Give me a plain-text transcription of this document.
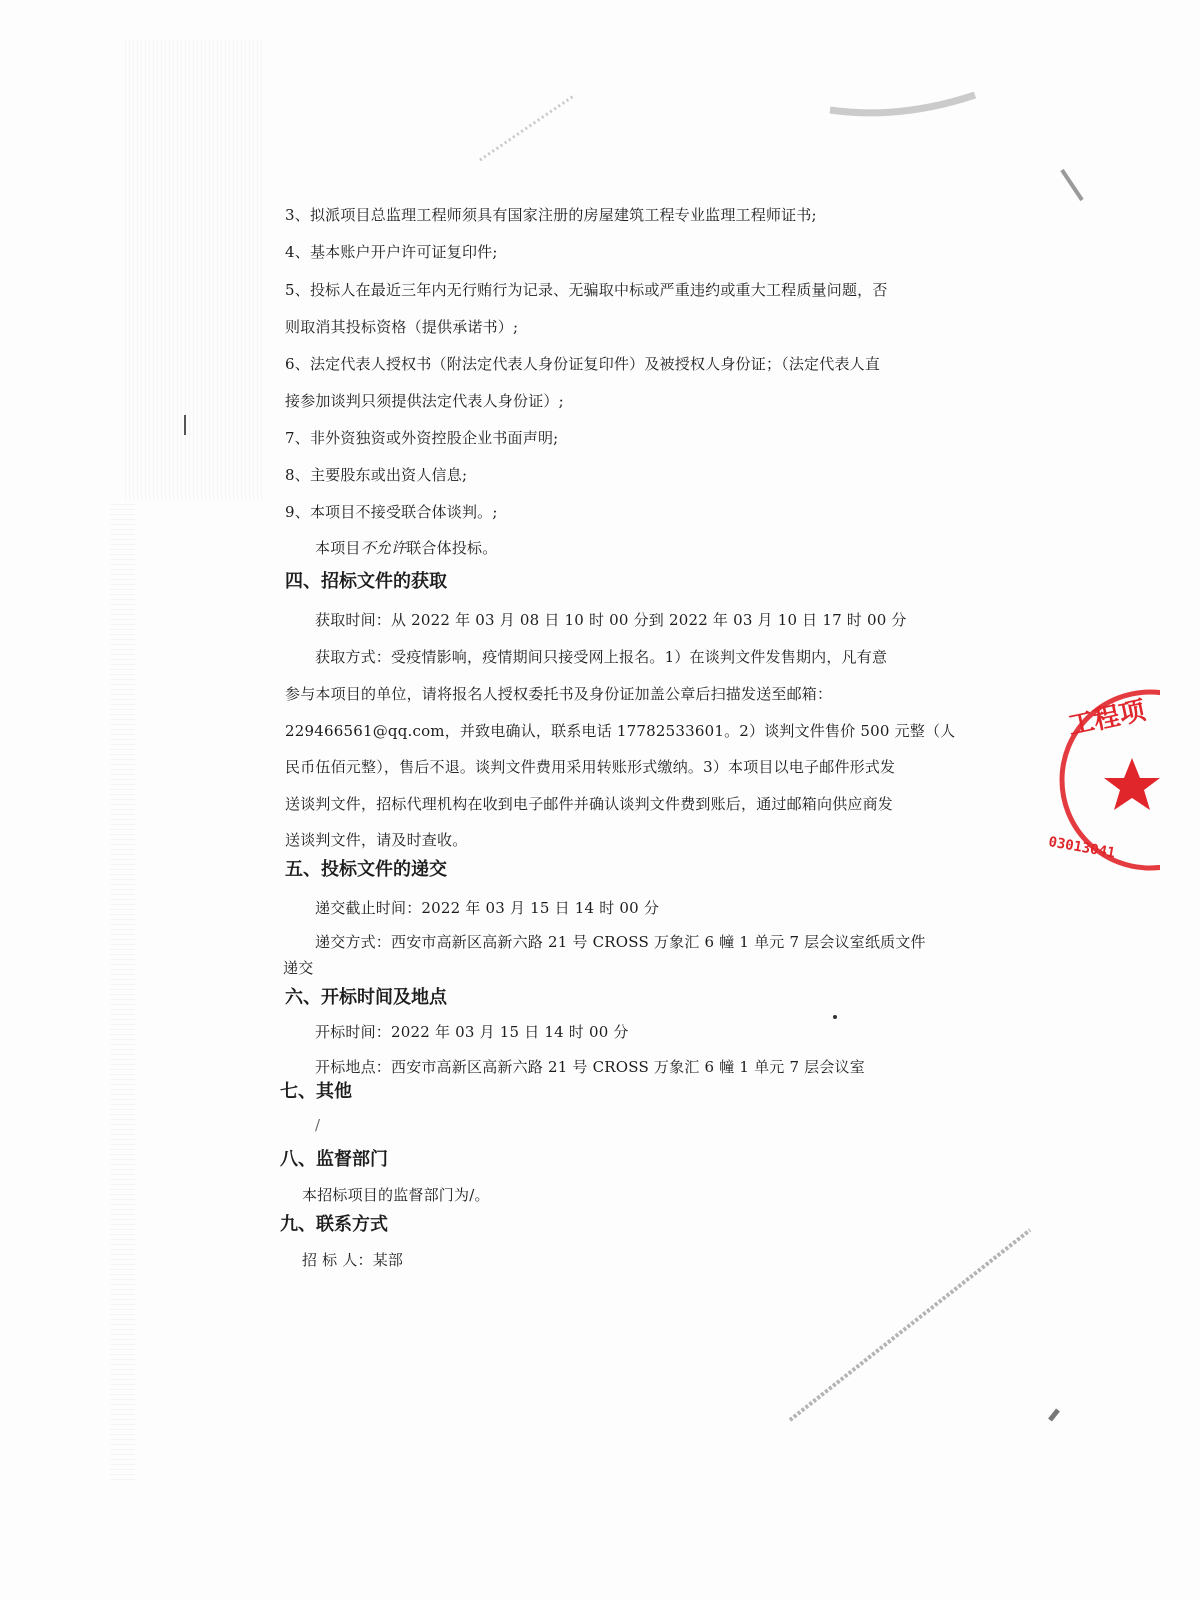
3、拟派项目总监理工程师须具有国家注册的房屋建筑工程专业监理工程师证书;
4、基本账户开户许可证复印件;
5、投标人在最近三年内无行贿行为记录、无骗取中标或严重违约或重大工程质量问题，否
则取消其投标资格（提供承诺书）;
6、法定代表人授权书（附法定代表人身份证复印件）及被授权人身份证；（法定代表人直
接参加谈判只须提供法定代表人身份证）;
7、非外资独资或外资控股企业书面声明;
8、主要股东或出资人信息;
9、本项目不接受联合体谈判。;
本项目不允许联合体投标。
四、招标文件的获取
获取时间：从 2022 年 03 月 08 日 10 时 00 分到 2022 年 03 月 10 日 17 时 00 分
获取方式：受疫情影响，疫情期间只接受网上报名。1）在谈判文件发售期内，凡有意
参与本项目的单位，请将报名人授权委托书及身份证加盖公章后扫描发送至邮箱：
229466561@qq.com，并致电确认，联系电话 17782533601。2）谈判文件售价 500 元整（人
民币伍佰元整），售后不退。谈判文件费用采用转账形式缴纳。3）本项目以电子邮件形式发
送谈判文件，招标代理机构在收到电子邮件并确认谈判文件费到账后，通过邮箱向供应商发
送谈判文件，请及时查收。
五、投标文件的递交
递交截止时间：2022 年 03 月 15 日 14 时 00 分
递交方式：西安市高新区高新六路 21 号 CROSS 万象汇 6 幢 1 单元 7 层会议室纸质文件
递交
六、开标时间及地点
开标时间：2022 年 03 月 15 日 14 时 00 分
开标地点：西安市高新区高新六路 21 号 CROSS 万象汇 6 幢 1 单元 7 层会议室
七、其他
/
八、监督部门
本招标项目的监督部门为/。
九、联系方式
招 标 人：某部
工程项
03013041
